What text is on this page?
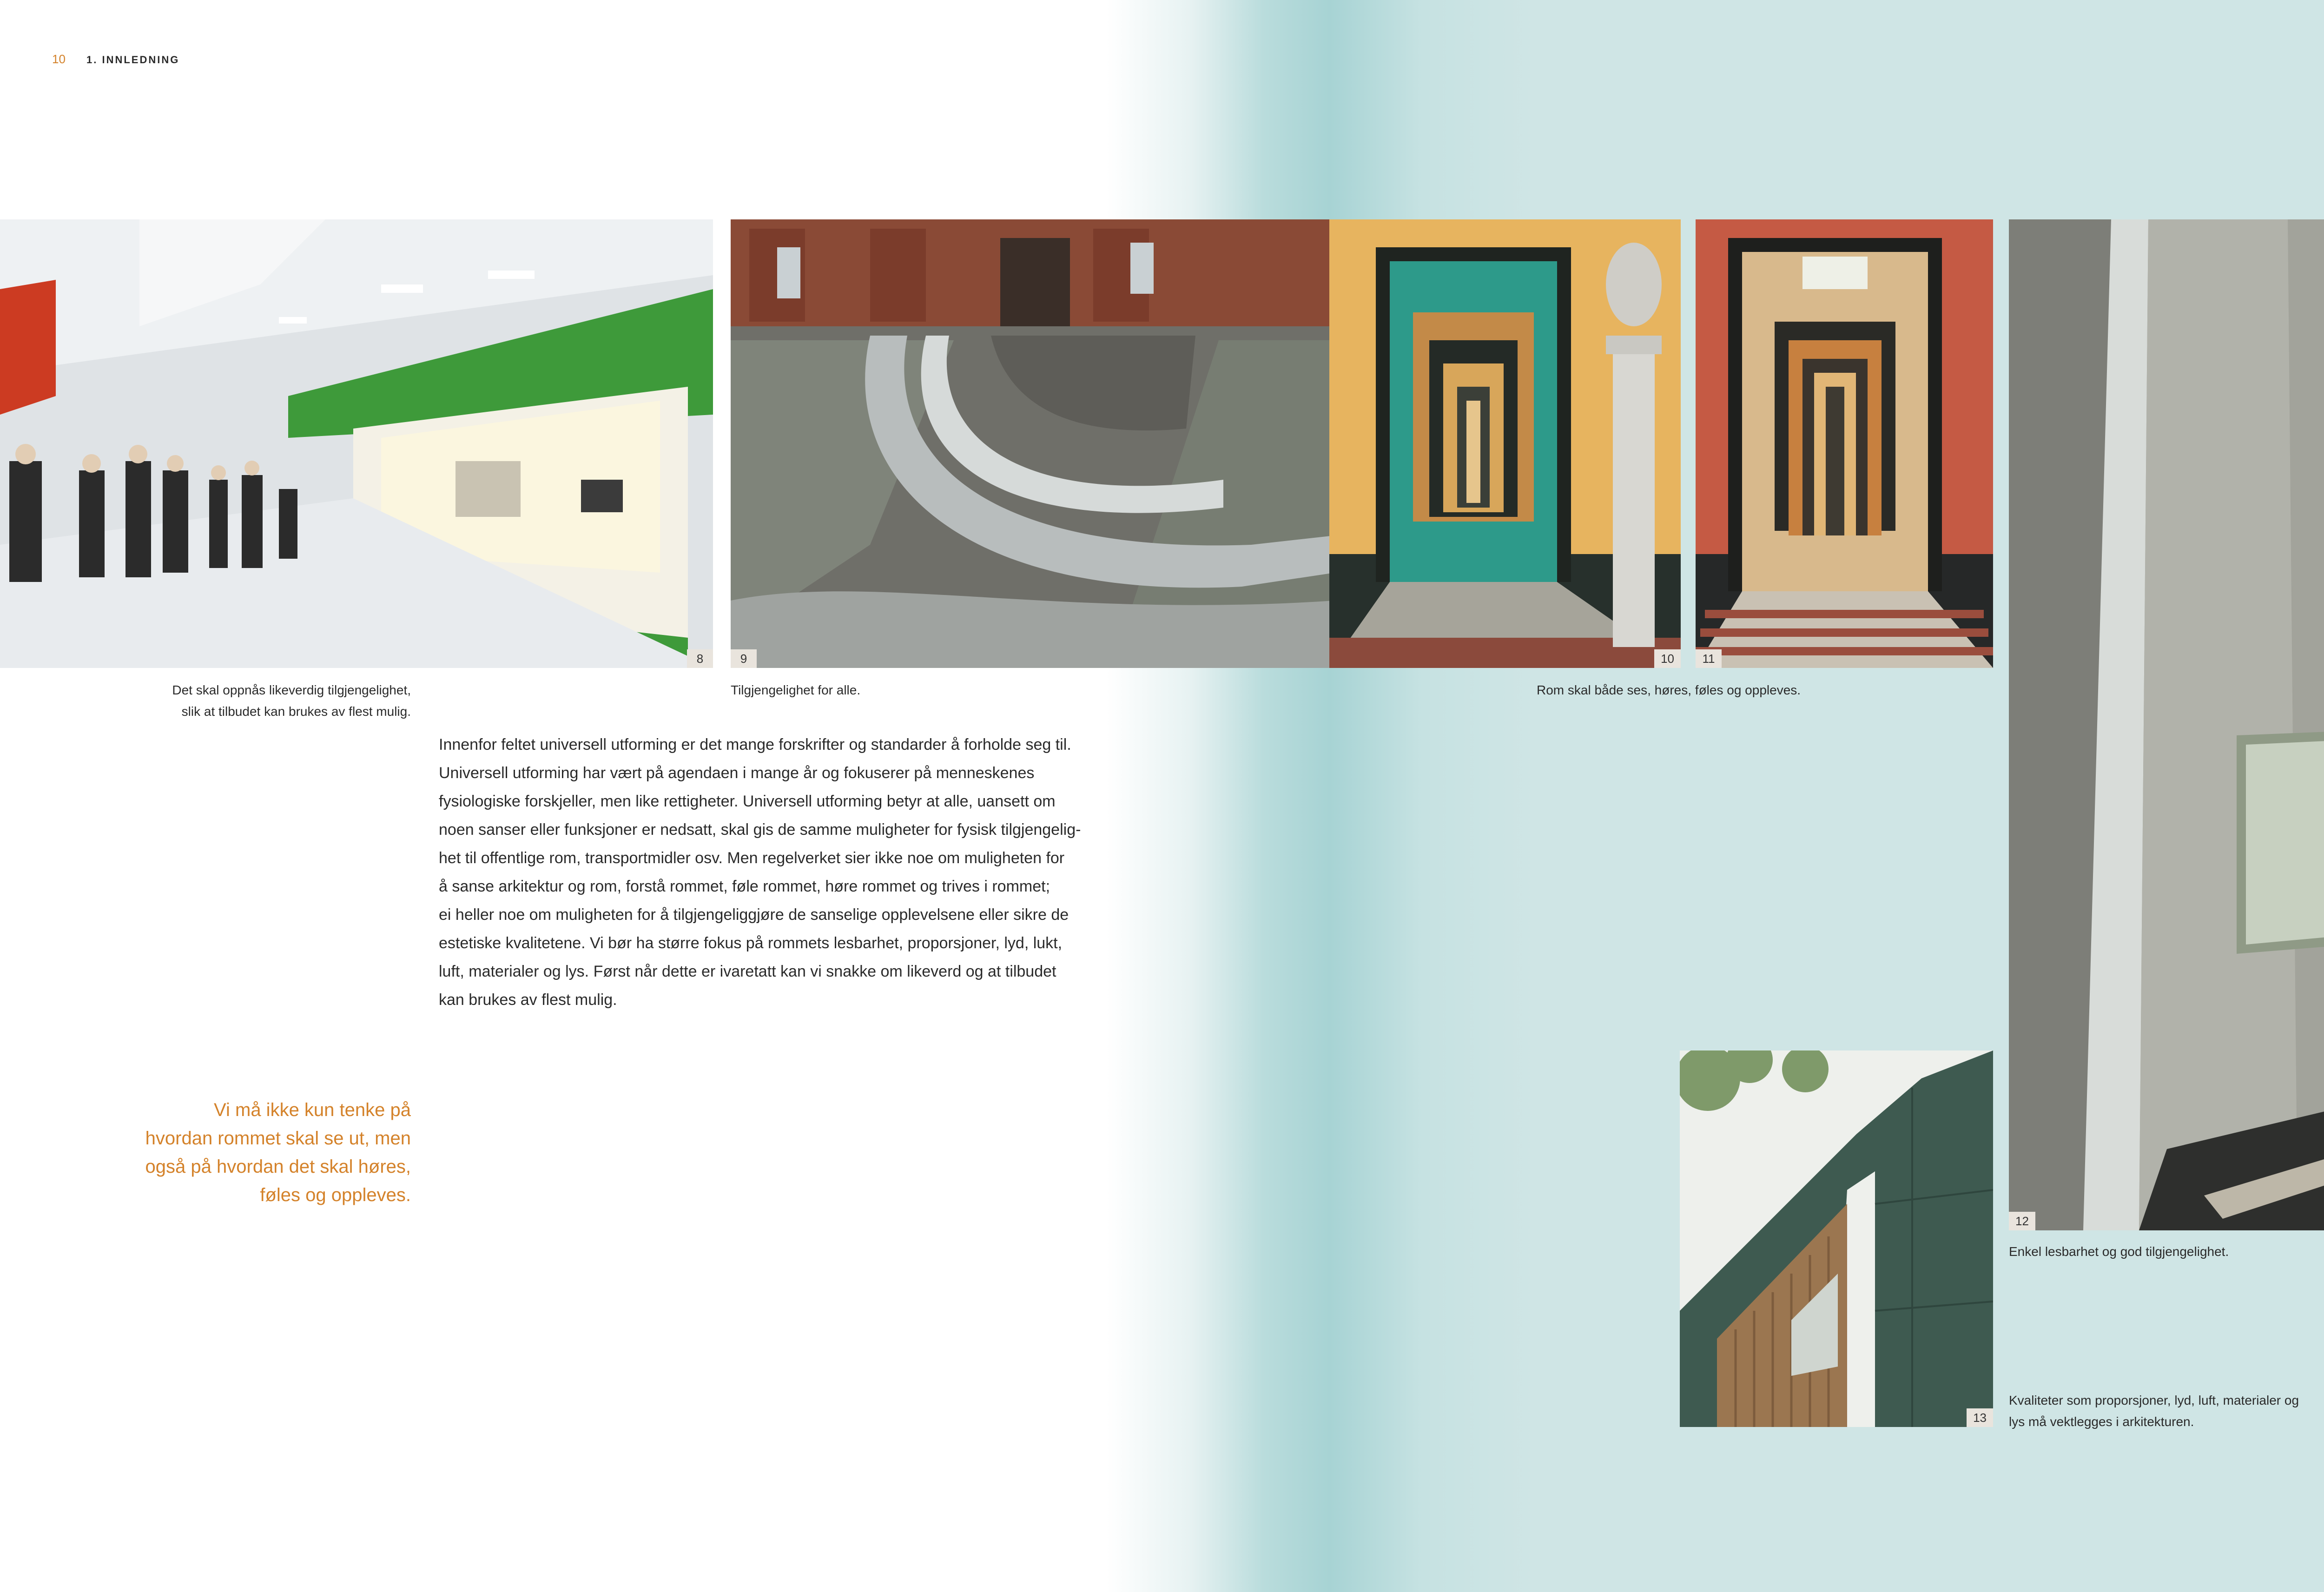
10 1. INNLEDNING
8	9	10	11
12
13
Det skal oppnås likeverdig tilgjengelighet,
slik at tilbudet kan brukes av flest mulig.
Tilgjengelighet for alle.	Rom skal både ses, høres, føles og oppleves.
Enkel lesbarhet og god tilgjengelighet.
Kvaliteter som proporsjoner, lyd, luft, materialer og
lys må vektlegges i arkitekturen.
Innenfor feltet universell utforming er det mange forskrifter og standarder å forholde seg til.
Universell utforming har vært på agendaen i mange år og fokuserer på menneskenes
fysiologiske forskjeller, men like rettigheter. Universell utforming betyr at alle, uansett om
noen sanser eller funksjoner er nedsatt, skal gis de samme muligheter for fysisk tilgjengelig-
het til offentlige rom, transportmidler osv. Men regelverket sier ikke noe om muligheten for
å sanse arkitektur og rom, forstå rommet, føle rommet, høre rommet og trives i rommet;
ei heller noe om muligheten for å tilgjengeliggjøre de sanselige opplevelsene eller sikre de
estetiske kvalitetene. Vi bør ha større fokus på rommets lesbarhet, proporsjoner, lyd, lukt,
luft, materialer og lys. Først når dette er ivaretatt kan vi snakke om likeverd og at tilbudet
kan brukes av flest mulig.
Vi må ikke kun tenke på
hvordan rommet skal se ut, men
også på hvordan det skal høres,
føles og oppleves.
